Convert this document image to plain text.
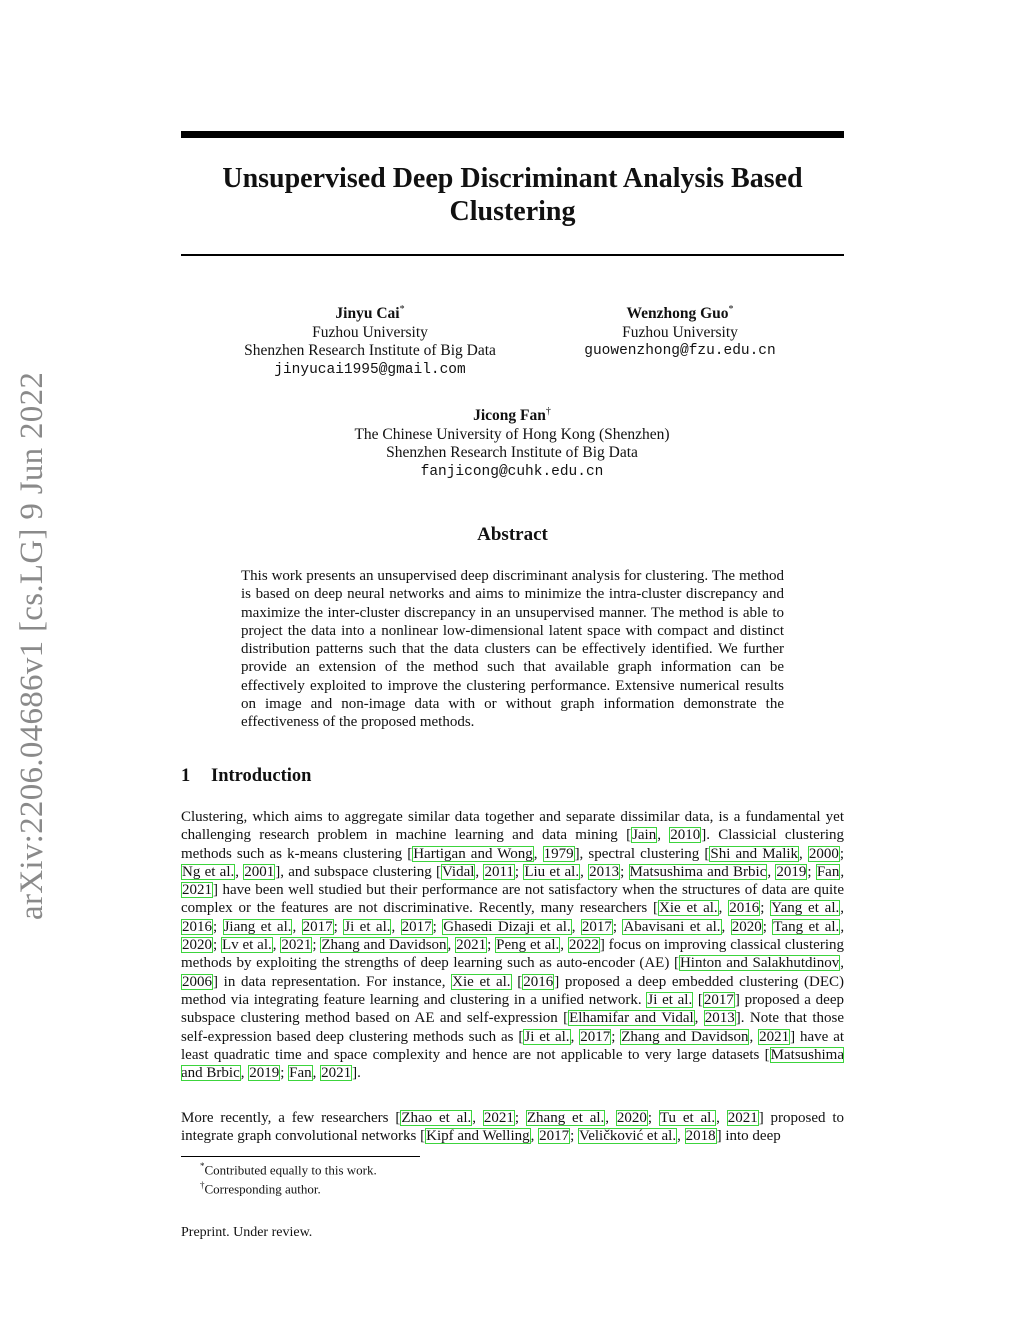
arXiv:2206.04686v1 [cs.LG] 9 Jun 2022
Unsupervised Deep Discriminant Analysis Based Clustering
Jinyu Cai*
Fuzhou University
Shenzhen Research Institute of Big Data
jinyucai1995@gmail.com
Wenzhong Guo*
Fuzhou University
guowenzhong@fzu.edu.cn
Jicong Fan†
The Chinese University of Hong Kong (Shenzhen)
Shenzhen Research Institute of Big Data
fanjicong@cuhk.edu.cn
Abstract
This work presents an unsupervised deep discriminant analysis for clustering. The method is based on deep neural networks and aims to minimize the intra-cluster discrepancy and maximize the inter-cluster discrepancy in an unsupervised manner. The method is able to project the data into a nonlinear low-dimensional latent space with compact and distinct distribution patterns such that the data clusters can be effectively identified. We further provide an extension of the method such that available graph information can be effectively exploited to improve the clustering performance. Extensive numerical results on image and non-image data with or without graph information demonstrate the effectiveness of the proposed methods.
1 Introduction
Clustering, which aims to aggregate similar data together and separate dissimilar data, is a fundamental yet challenging research problem in machine learning and data mining [Jain, 2010]. Classicial clustering methods such as k-means clustering [Hartigan and Wong, 1979], spectral clustering [Shi and Malik, 2000; Ng et al., 2001], and subspace clustering [Vidal, 2011; Liu et al., 2013; Matsushima and Brbic, 2019; Fan, 2021] have been well studied but their performance are not satisfactory when the structures of data are quite complex or the features are not discriminative. Recently, many researchers [Xie et al., 2016; Yang et al., 2016; Jiang et al., 2017; Ji et al., 2017; Ghasedi Dizaji et al., 2017; Abavisani et al., 2020; Tang et al., 2020; Lv et al., 2021; Zhang and Davidson, 2021; Peng et al., 2022] focus on improving classical clustering methods by exploiting the strengths of deep learning such as auto-encoder (AE) [Hinton and Salakhutdinov, 2006] in data representation. For instance, Xie et al. [2016] proposed a deep embedded clustering (DEC) method via integrating feature learning and clustering in a unified network. Ji et al. [2017] proposed a deep subspace clustering method based on AE and self-expression [Elhamifar and Vidal, 2013]. Note that those self-expression based deep clustering methods such as [Ji et al., 2017; Zhang and Davidson, 2021] have at least quadratic time and space complexity and hence are not applicable to very large datasets [Matsushima and Brbic, 2019; Fan, 2021].
More recently, a few researchers [Zhao et al., 2021; Zhang et al., 2020; Tu et al., 2021] proposed to integrate graph convolutional networks [Kipf and Welling, 2017; Veličković et al., 2018] into deep
*Contributed equally to this work.
†Corresponding author.
Preprint. Under review.
